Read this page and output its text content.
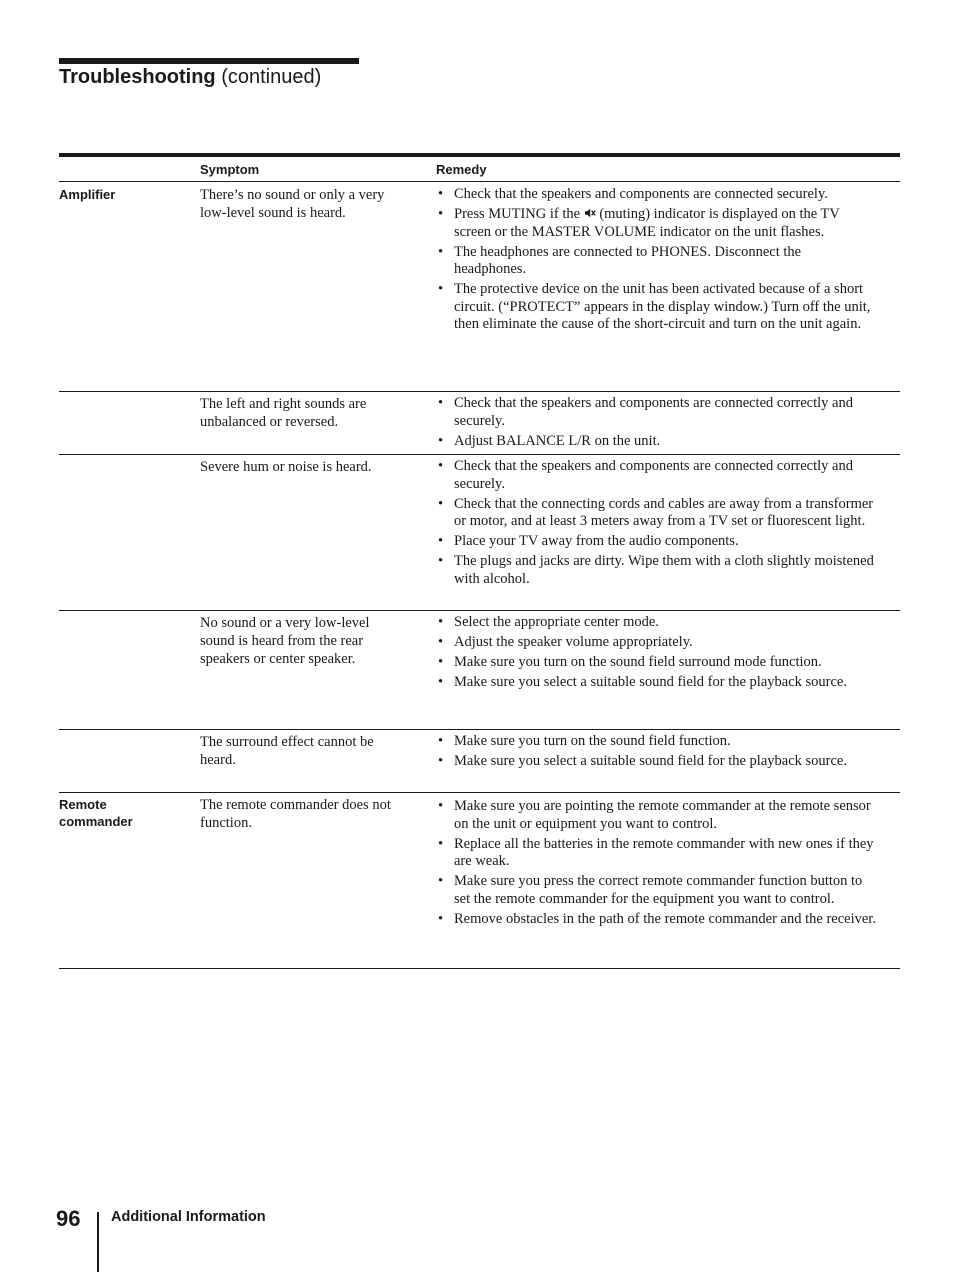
Troubleshooting (continued)
Symptom	Remedy
Amplifier	There’s no sound or only a very low-level sound is heard.
• Check that the speakers and components are connected securely.
• Press MUTING if the (muting) indicator is displayed on the TV screen or the MASTER VOLUME indicator on the unit flashes.
• The headphones are connected to PHONES. Disconnect the headphones.
• The protective device on the unit has been activated because of a short circuit. (“PROTECT” appears in the display window.) Turn off the unit, then eliminate the cause of the short-circuit and turn on the unit again.
The left and right sounds are unbalanced or reversed.
• Check that the speakers and components are connected correctly and securely.
• Adjust BALANCE L/R on the unit.
Severe hum or noise is heard.
•	Check that the speakers and components are connected correctly and securely.
• Check that the connecting cords and cables are away from a transformer or motor, and at least 3 meters away from a TV set or fluorescent light.
• Place your TV away from the audio components.
• The plugs and jacks are dirty. Wipe them with a cloth slightly moistened with alcohol.
No sound or a very low-level sound is heard from the rear speakers or center speaker.
• Select the appropriate center mode.
• Adjust the speaker volume appropriately.
• Make sure you turn on the sound field surround mode function.
• Make sure you select a suitable sound field for the playback source.
The surround effect cannot be heard.
• Make sure you turn on the sound field function.
• Make sure you select a suitable sound field for the playback source.
Remote commander
The remote commander does not function.
• Make sure you are pointing the remote commander at the remote sensor on the unit or equipment you want to control.
• Replace all the batteries in the remote commander with new ones if they are weak.
• Make sure you press the correct remote commander function button to set the remote commander for the equipment you want to control.
• Remove obstacles in the path of the remote commander and the receiver.
96 Additional Information
